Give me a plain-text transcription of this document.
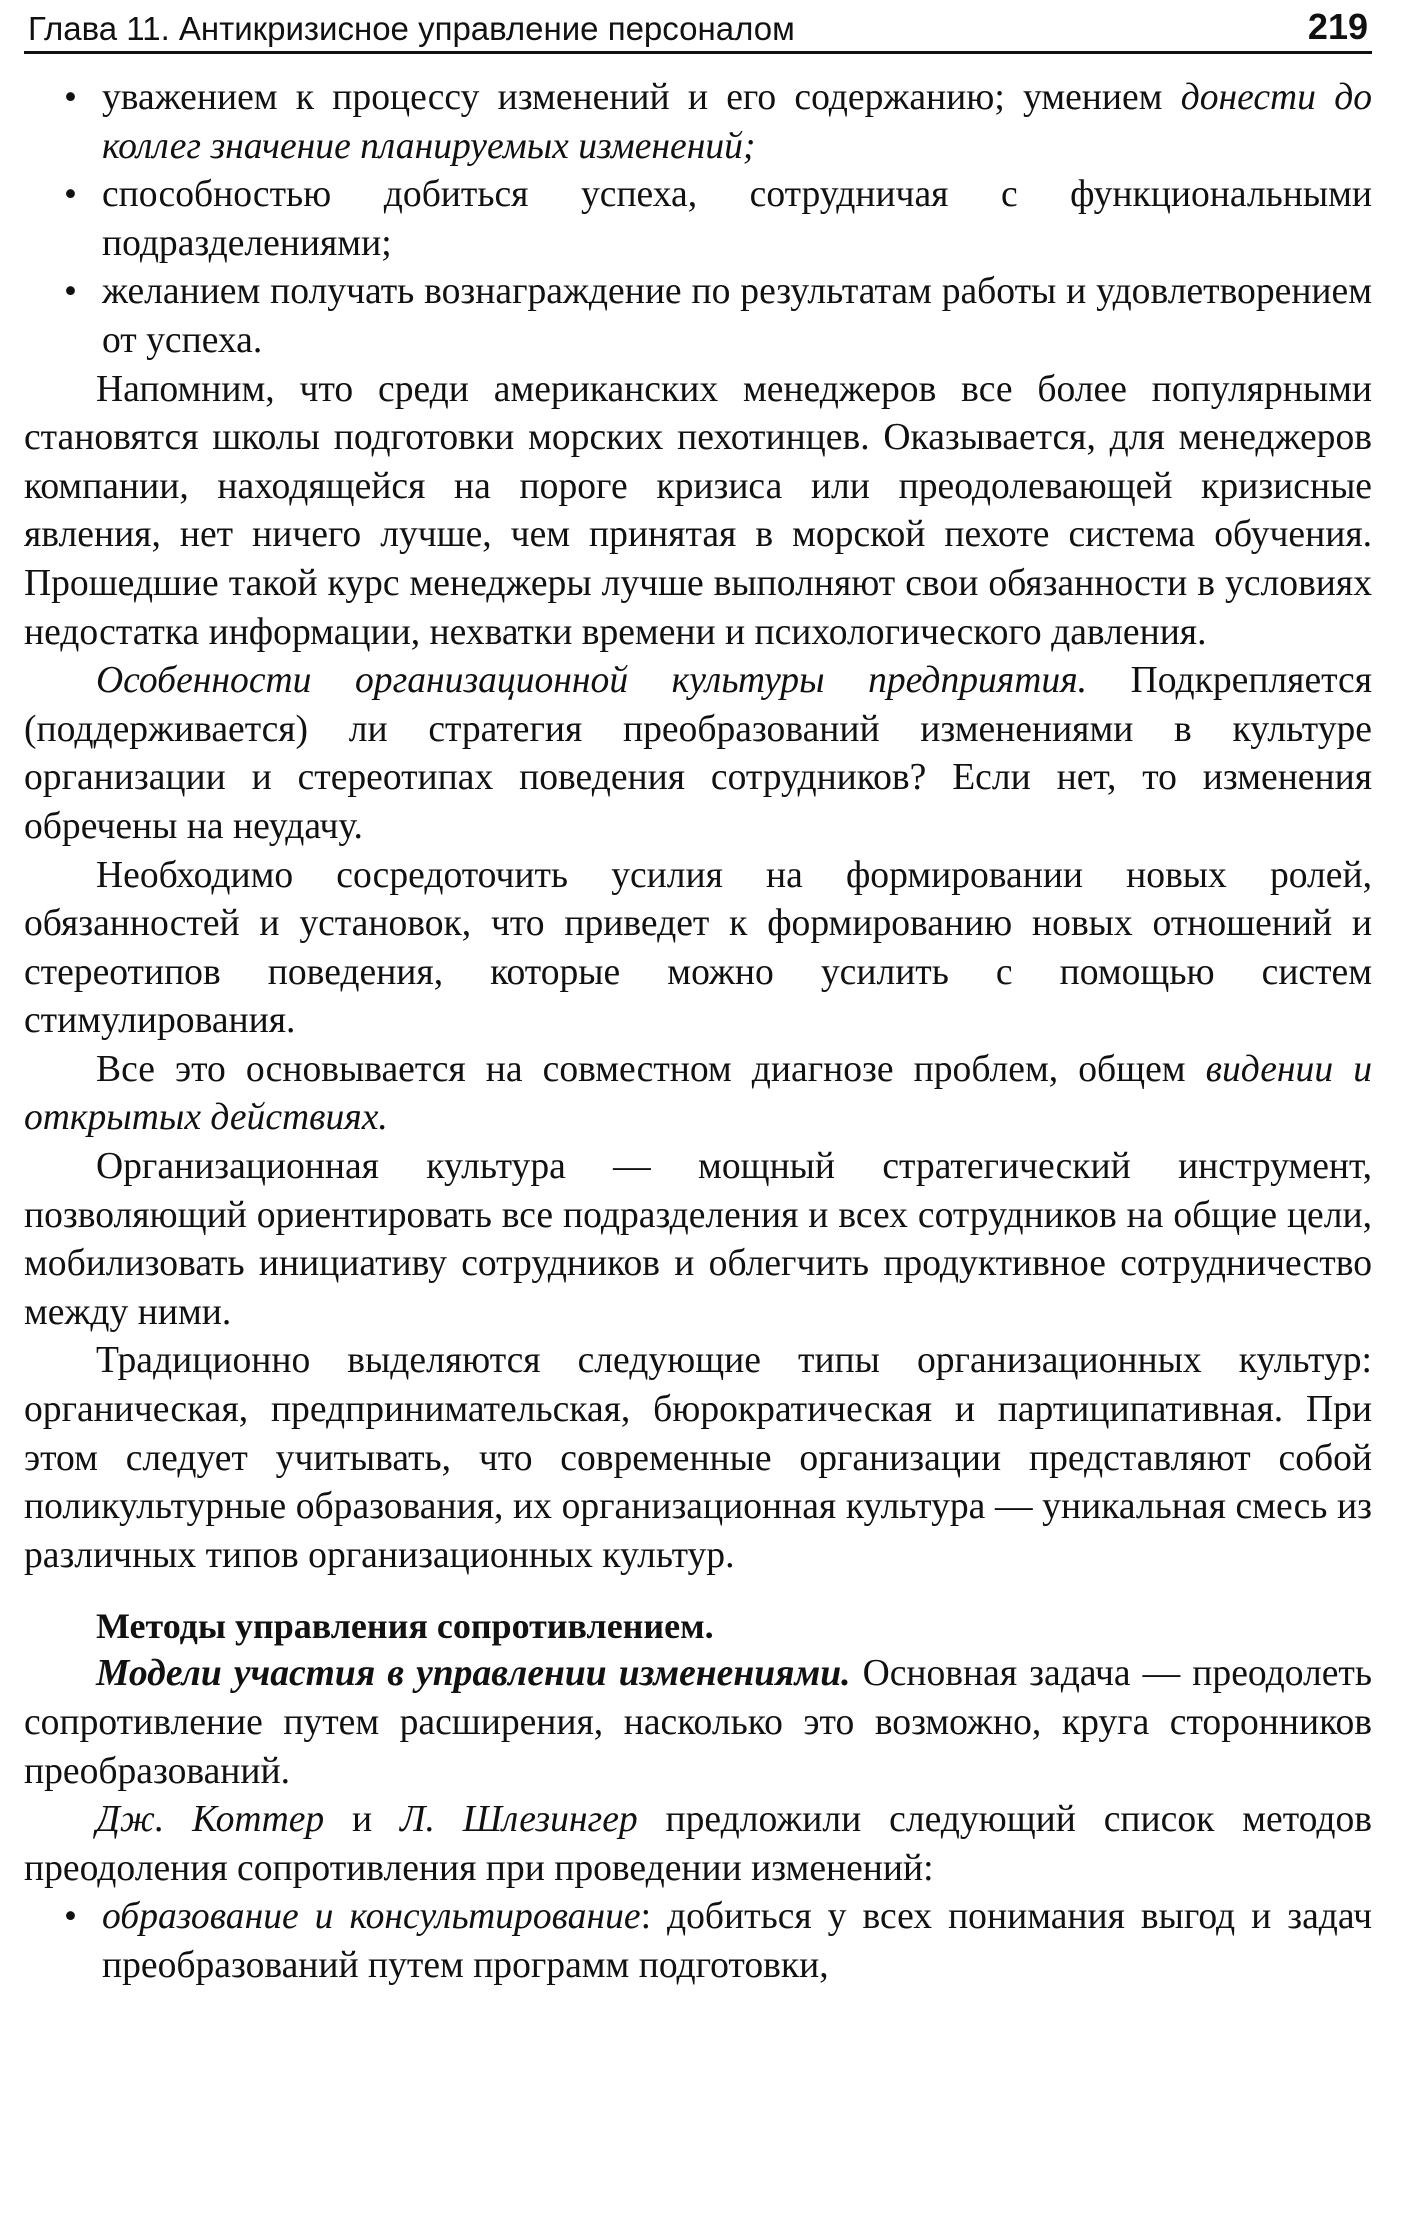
Глава 11. Антикризисное управление персоналом	219
• уважением к процессу изменений и его содержанию; умением донести до коллег значение планируемых изменений;
• способностью добиться успеха, сотрудничая с функциональными подразделениями;
• желанием получать вознаграждение по результатам работы и удовлетворением от успеха.

Напомним, что среди американских менеджеров все более популярными становятся школы подготовки морских пехотинцев. Оказывается, для менеджеров компании, находящейся на пороге кризиса или преодолевающей кризисные явления, нет ничего лучше, чем принятая в морской пехоте система обучения. Прошедшие такой курс менеджеры лучше выполняют свои обязанности в условиях недостатка информации, нехватки времени и психологического давления.

Особенности организационной культуры предприятия. Подкрепляется (поддерживается) ли стратегия преобразований изменениями в культуре организации и стереотипах поведения сотрудников? Если нет, то изменения обречены на неудачу.

Необходимо сосредоточить усилия на формировании новых ролей, обязанностей и установок, что приведет к формированию новых отношений и стереотипов поведения, которые можно усилить с помощью систем стимулирования.

Все это основывается на совместном диагнозе проблем, общем видении и открытых действиях.

Организационная культура — мощный стратегический инструмент, позволяющий ориентировать все подразделения и всех сотрудников на общие цели, мобилизовать инициативу сотрудников и облегчить продуктивное сотрудничество между ними.

Традиционно выделяются следующие типы организационных культур: органическая, предпринимательская, бюрократическая и партиципативная. При этом следует учитывать, что современные организации представляют собой поликультурные образования, их организационная культура — уникальная смесь из различных типов организационных культур.

Методы управления сопротивлением.

Модели участия в управлении изменениями. Основная задача — преодолеть сопротивление путем расширения, насколько это возможно, круга сторонников преобразований.

Дж. Коттер и Л. Шлезингер предложили следующий список методов преодоления сопротивления при проведении изменений:

• образование и консультирование: добиться у всех понимания выгод и задач преобразований путем программ подготовки,
